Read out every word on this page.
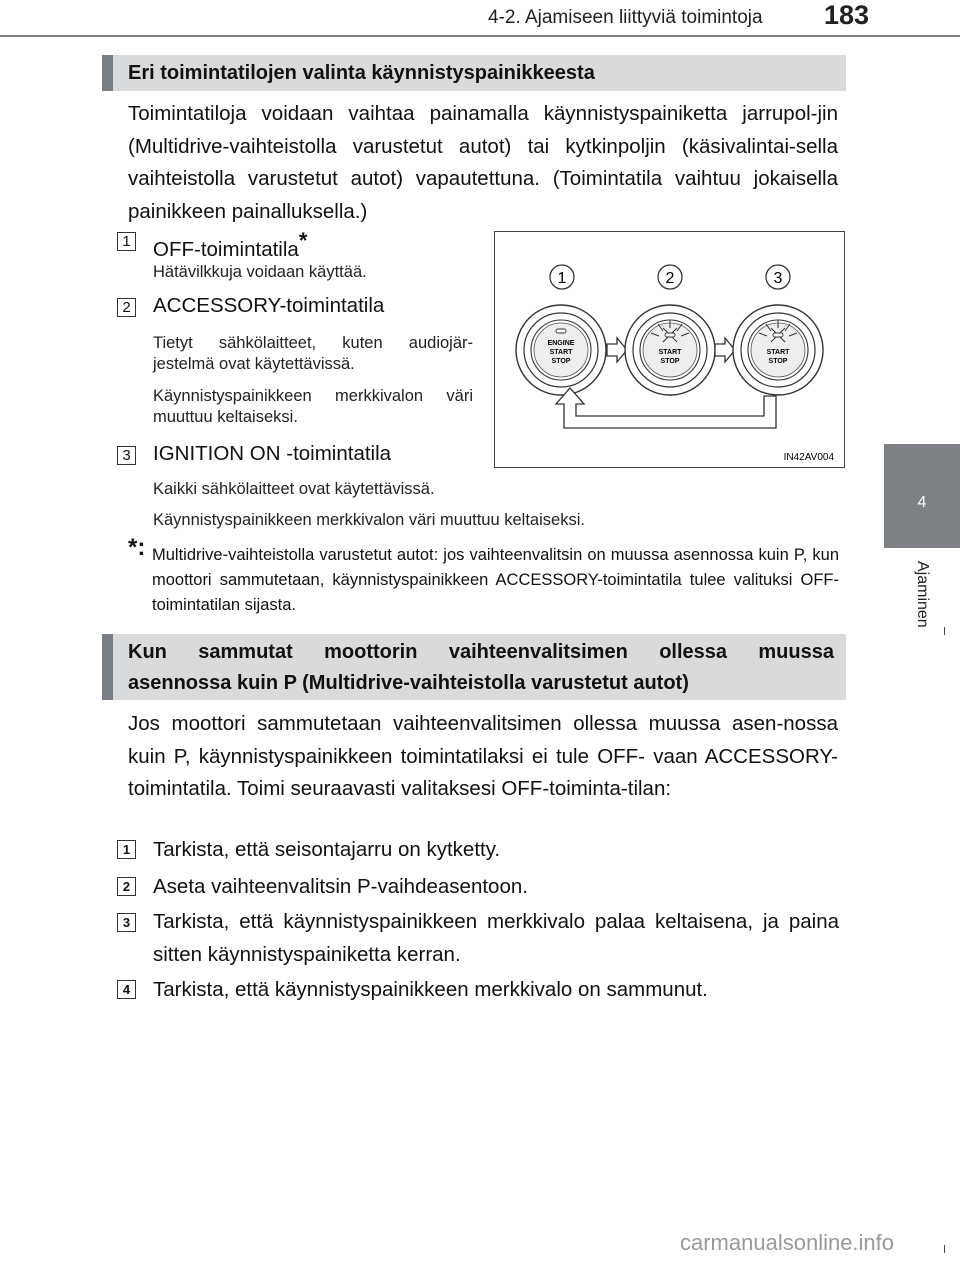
4-2. Ajamiseen liittyviä toimintoja 183
4
Ajaminen
Eri toimintatilojen valinta käynnistyspainikkeesta
Toimintatiloja voidaan vaihtaa painamalla käynnistyspainiketta jarrupol-jin (Multidrive-vaihteistolla varustetut autot) tai kytkinpoljin (käsivalintai-sella vaihteistolla varustetut autot) vapautettuna. (Toimintatila vaihtuu jokaisella painikkeen painalluksella.)
1 OFF-toimintatila*
Hätävilkkuja voidaan käyttää.
2 ACCESSORY-toimintatila
Tietyt sähkölaitteet, kuten audiojär- jestelmä ovat käytettävissä.
Käynnistyspainikkeen merkkivalon väri muuttuu keltaiseksi.
3 IGNITION ON -toimintatila
Kaikki sähkölaitteet ovat käytettävissä.
Käynnistyspainikkeen merkkivalon väri muuttuu keltaiseksi.
*: Multidrive-vaihteistolla varustetut autot: jos vaihteenvalitsin on muussa asennossa kuin P, kun moottori sammutetaan, käynnistyspainikkeen ACCESSORY-toimintatila tulee valituksi OFF-toimintatilan sijasta.
1	2	3
ENGINE
START
STOP
START
STOP
START
STOP
IN42AV004
Kun sammutat moottorin vaihteenvalitsimen ollessa muussa
asennossa kuin P (Multidrive-vaihteistolla varustetut autot)
Jos moottori sammutetaan vaihteenvalitsimen ollessa muussa asen-nossa kuin P, käynnistyspainikkeen toimintatilaksi ei tule OFF- vaan ACCESSORY-toimintatila. Toimi seuraavasti valitaksesi OFF-toiminta-tilan:
1 Tarkista, että seisontajarru on kytketty.
2 Aseta vaihteenvalitsin P-vaihdeasentoon.
3 Tarkista, että käynnistyspainikkeen merkkivalo palaa keltaisena, ja paina sitten käynnistyspainiketta kerran.
4 Tarkista, että käynnistyspainikkeen merkkivalo on sammunut.
carmanualsonline.info
